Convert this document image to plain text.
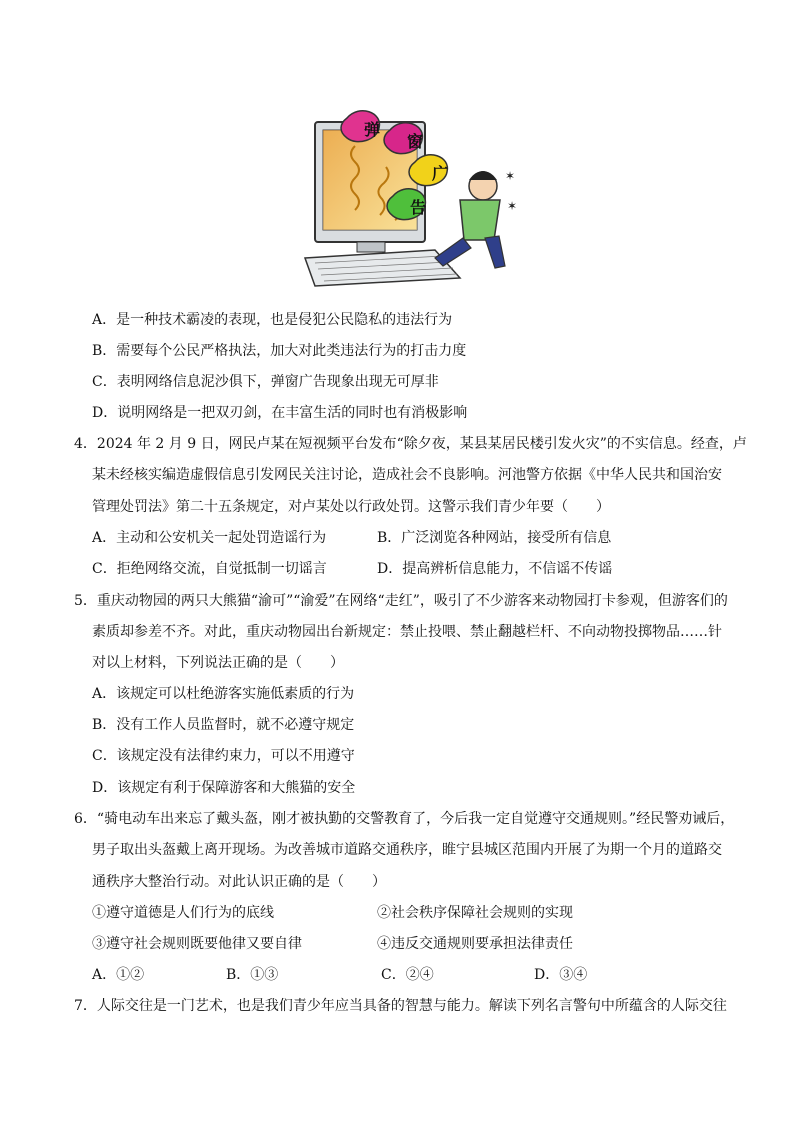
弹
窗
广
告
✶
✶
A．是一种技术霸凌的表现，也是侵犯公民隐私的违法行为
B．需要每个公民严格执法，加大对此类违法行为的打击力度
C．表明网络信息泥沙俱下，弹窗广告现象出现无可厚非
D．说明网络是一把双刃剑，在丰富生活的同时也有消极影响
4．2024 年 2 月 9 日，网民卢某在短视频平台发布“除夕夜，某县某居民楼引发火灾”的不实信息。经查，卢
某未经核实编造虚假信息引发网民关注讨论，造成社会不良影响。河池警方依据《中华人民共和国治安
管理处罚法》第二十五条规定，对卢某处以行政处罚。这警示我们青少年要（　　）
A．主动和公安机关一起处罚造谣行为	B．广泛浏览各种网站，接受所有信息
C．拒绝网络交流，自觉抵制一切谣言	D．提高辨析信息能力，不信谣不传谣
5．重庆动物园的两只大熊猫“渝可”“渝爱”在网络“走红”，吸引了不少游客来动物园打卡参观，但游客们的
素质却参差不齐。对此，重庆动物园出台新规定：禁止投喂、禁止翻越栏杆、不向动物投掷物品……针
对以上材料，下列说法正确的是（　　）
A．该规定可以杜绝游客实施低素质的行为
B．没有工作人员监督时，就不必遵守规定
C．该规定没有法律约束力，可以不用遵守
D．该规定有利于保障游客和大熊猫的安全
6．“骑电动车出来忘了戴头盔，刚才被执勤的交警教育了，今后我一定自觉遵守交通规则。”经民警劝诫后，
男子取出头盔戴上离开现场。为改善城市道路交通秩序，睢宁县城区范围内开展了为期一个月的道路交
通秩序大整治行动。对此认识正确的是（　　）
①遵守道德是人们行为的底线	②社会秩序保障社会规则的实现
③遵守社会规则既要他律又要自律	④违反交通规则要承担法律责任
A．①②	B．①③	C．②④	D．③④
7．人际交往是一门艺术，也是我们青少年应当具备的智慧与能力。解读下列名言警句中所蕴含的人际交往
